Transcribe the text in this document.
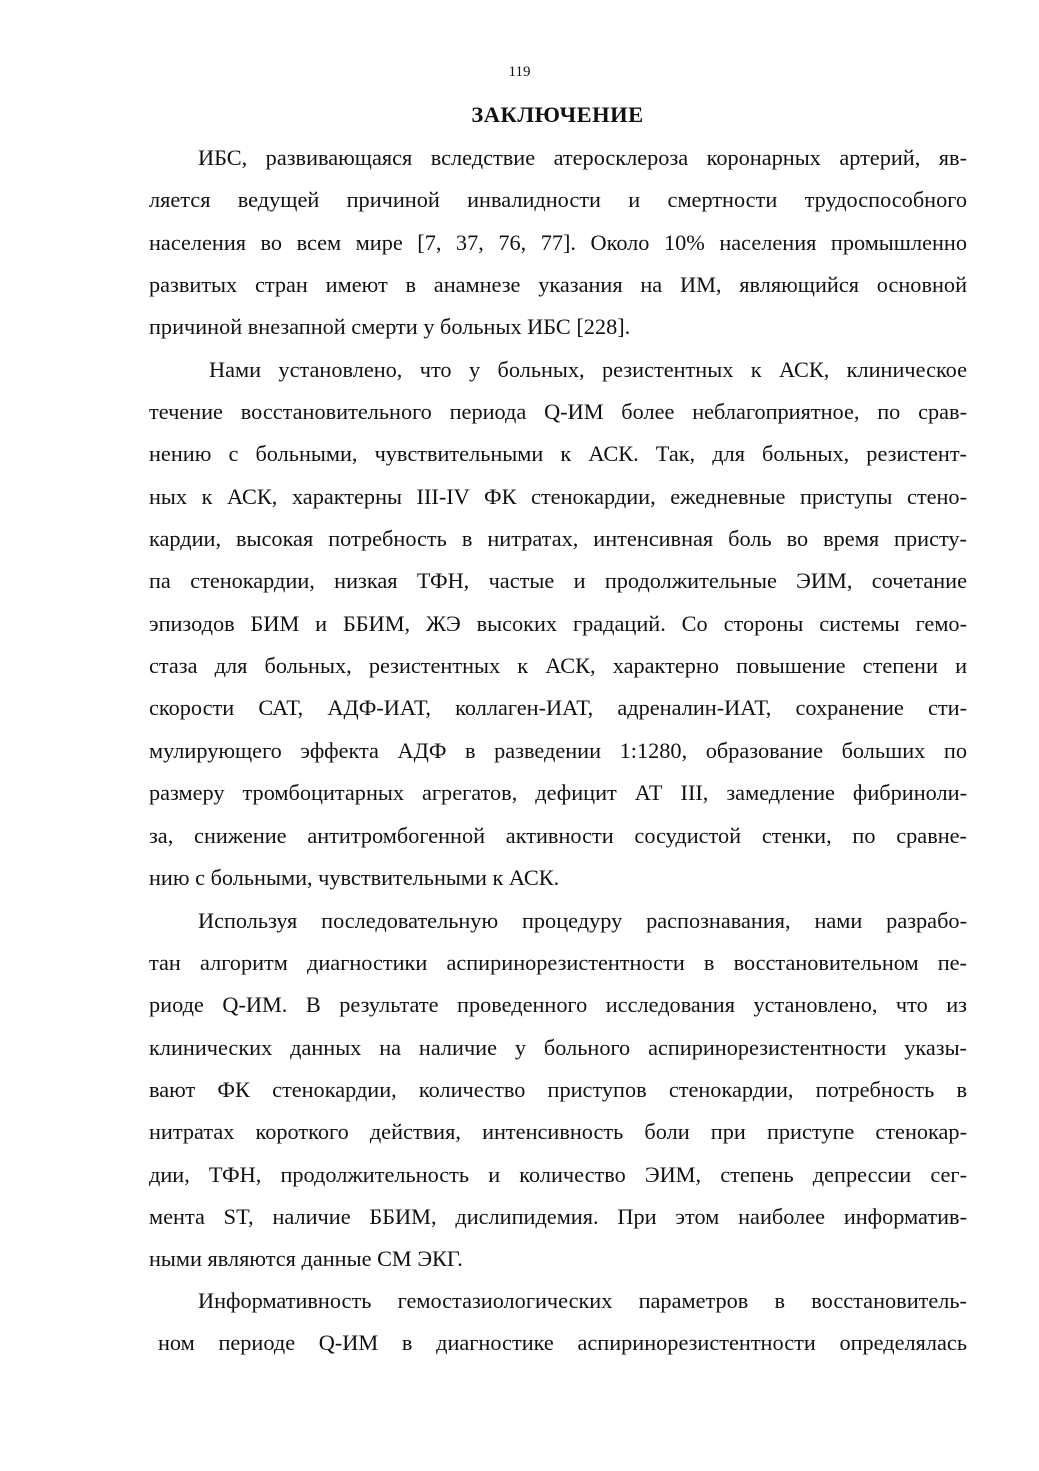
119
ЗАКЛЮЧЕНИЕ
ИБС, развивающаяся вследствие атеросклероза коронарных артерий, яв-
ляется ведущей причиной инвалидности и смертности трудоспособного
населения во всем мире [7, 37, 76, 77]. Около 10% населения промышленно
развитых стран имеют в анамнезе указания на ИМ, являющийся основной
причиной внезапной смерти у больных ИБС [228].
Нами установлено, что у больных, резистентных к АСК, клиническое
течение восстановительного периода Q-ИМ более неблагоприятное, по срав-
нению с больными, чувствительными к АСК. Так, для больных, резистент-
ных к АСК, характерны III-IV ФК стенокардии, ежедневные приступы стено-
кардии, высокая потребность в нитратах, интенсивная боль во время присту-
па стенокардии, низкая ТФН, частые и продолжительные ЭИМ, сочетание
эпизодов БИМ и ББИМ, ЖЭ высоких градаций. Со стороны системы гемо-
стаза для больных, резистентных к АСК, характерно повышение степени и
скорости САТ, АДФ-ИАТ, коллаген-ИАТ, адреналин-ИАТ, сохранение сти-
мулирующего эффекта АДФ в разведении 1:1280, образование больших по
размеру тромбоцитарных агрегатов, дефицит АТ III, замедление фибриноли-
за, снижение антитромбогенной активности сосудистой стенки, по сравне-
нию с больными, чувствительными к АСК.
Используя последовательную процедуру распознавания, нами разрабо-
тан алгоритм диагностики аспиринорезистентности в восстановительном пе-
риоде Q-ИМ. В результате проведенного исследования установлено, что из
клинических данных на наличие у больного аспиринорезистентности указы-
вают ФК стенокардии, количество приступов стенокардии, потребность в
нитратах короткого действия, интенсивность боли при приступе стенокар-
дии, ТФН, продолжительность и количество ЭИМ, степень депрессии сег-
мента ST, наличие ББИМ, дислипидемия. При этом наиболее информатив-
ными являются данные СМ ЭКГ.
Информативность гемостазиологических параметров в восстановитель-
ном периоде Q-ИМ в диагностике аспиринорезистентности определялась
